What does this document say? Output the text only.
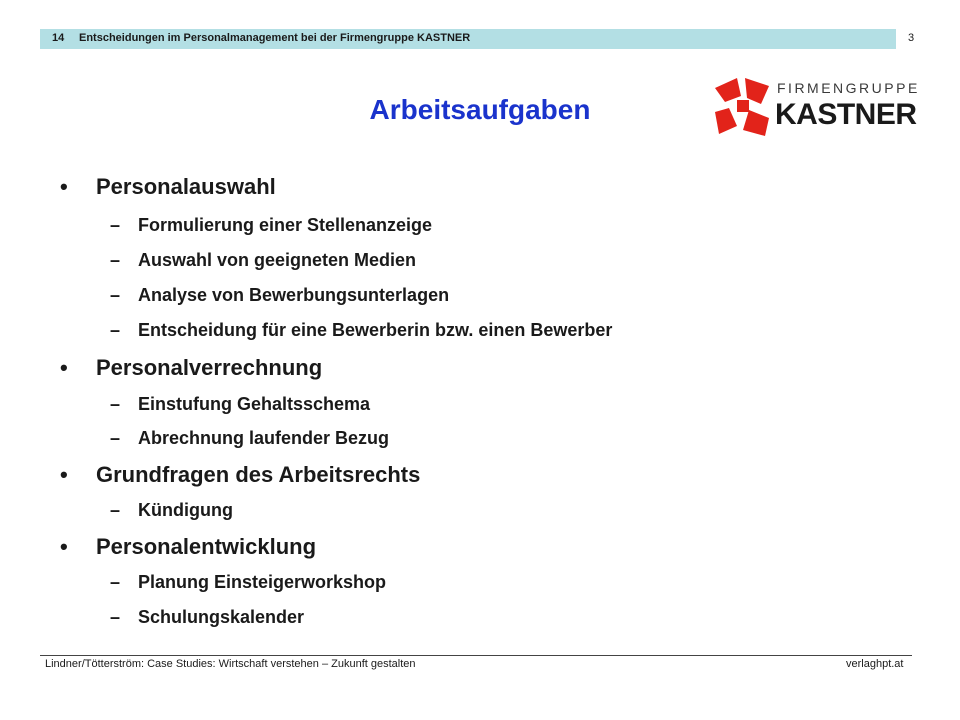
14 Entscheidungen im Personalmanagement bei der Firmengruppe KASTNER	3
Arbeitsaufgaben
FIRMENGRUPPE
KASTNER
•	Personalauswahl
– Formulierung einer Stellenanzeige
– Auswahl von geeigneten Medien
– Analyse von Bewerbungsunterlagen
– Entscheidung für eine Bewerberin bzw. einen Bewerber
•	Personalverrechnung
– Einstufung Gehaltsschema
– Abrechnung laufender Bezug
•	Grundfragen des Arbeitsrechts
– Kündigung
•	Personalentwicklung
– Planung Einsteigerworkshop
– Schulungskalender
Lindner/Tötterström: Case Studies: Wirtschaft verstehen – Zukunft gestalten	verlaghpt.at
